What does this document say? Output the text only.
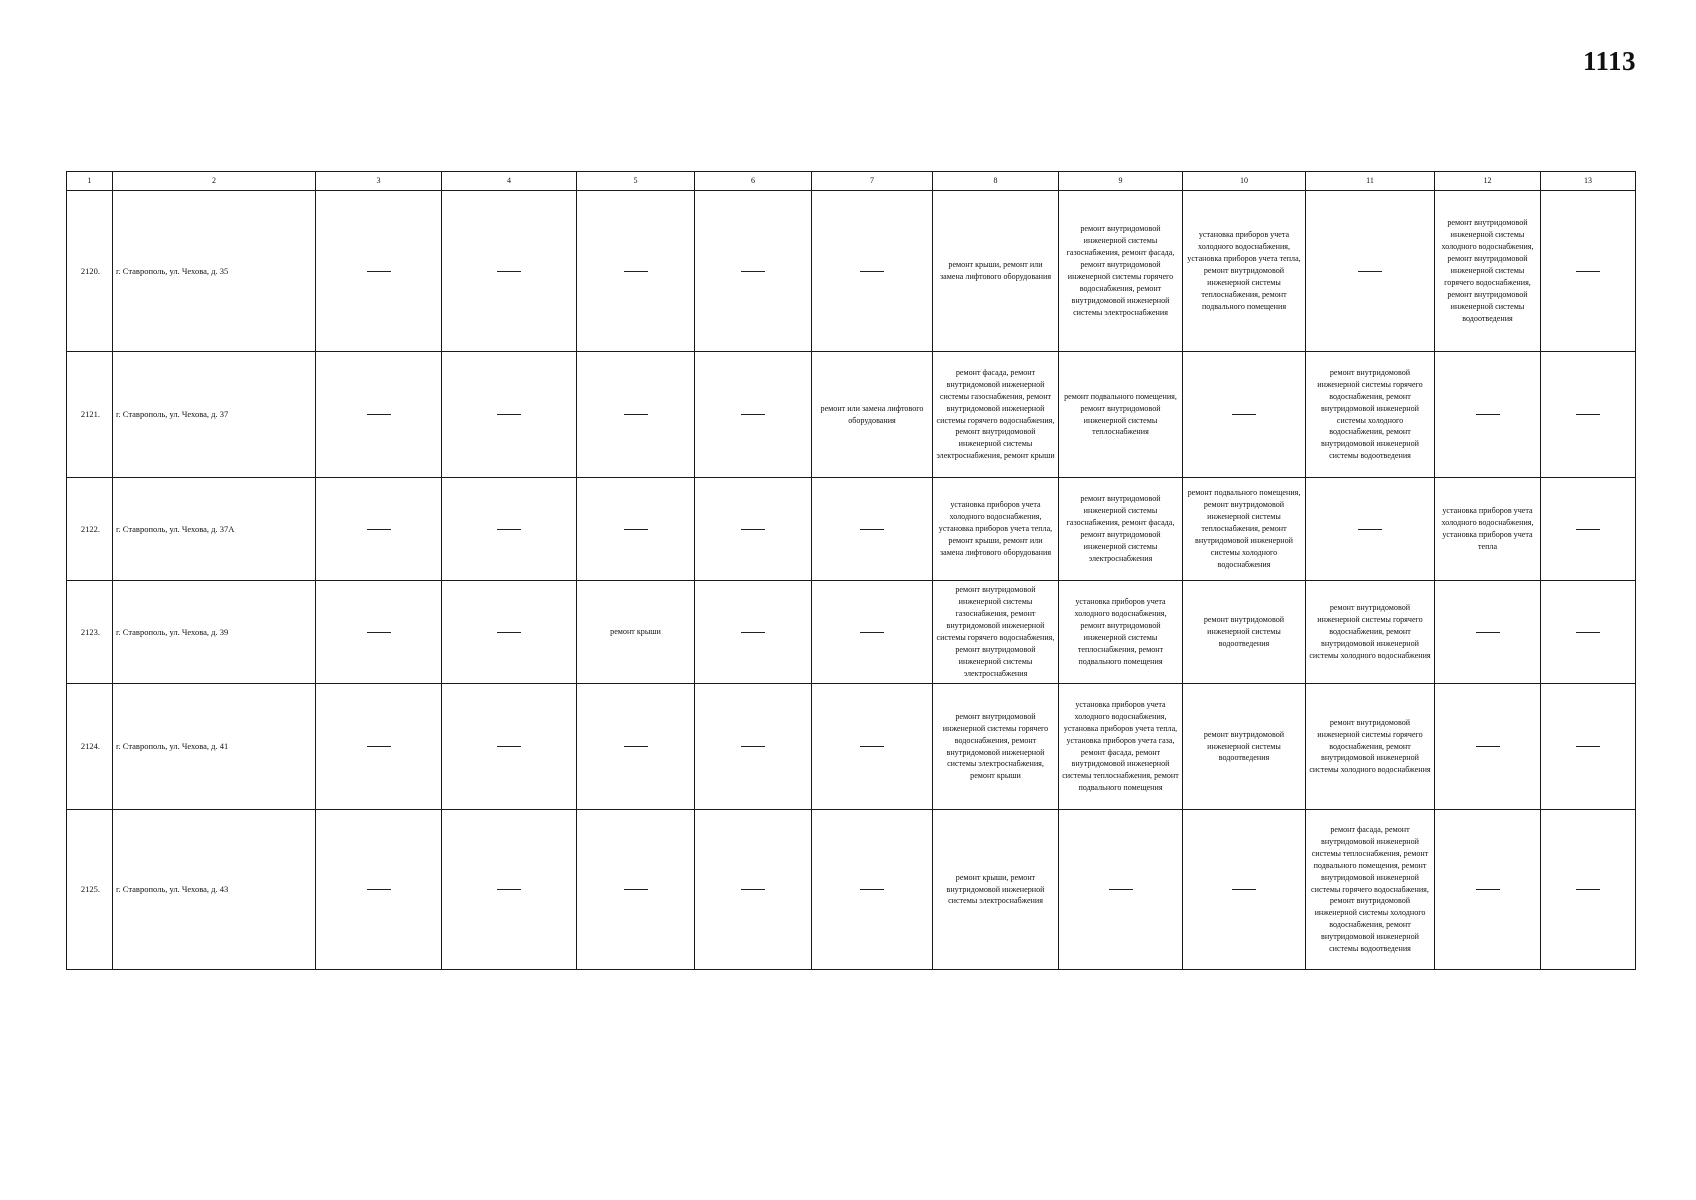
1113
1	2	3	4	5	6	7	8	9	10	11	12	13
2120.	г. Ставрополь, ул. Чехова, д. 35						ремонт крыши, ремонт или замена лифтового оборудования	ремонт внутридомовой инженерной системы газоснабжения, ремонт фасада, ремонт внутридомовой инженерной системы горячего водоснабжения, ремонт внутридомовой инженерной системы электроснабжения	установка приборов учета холодного водоснабжения, установка приборов учета тепла, ремонт внутридомовой инженерной системы теплоснабжения, ремонт подвального помещения		ремонт внутридомовой инженерной системы холодного водоснабжения, ремонт внутридомовой инженерной системы горячего водоснабжения, ремонт внутридомовой инженерной системы водоотведения	

2121.	г. Ставрополь, ул. Чехова, д. 37					ремонт или замена лифтового оборудования	ремонт фасада, ремонт внутридомовой инженерной системы газоснабжения, ремонт внутридомовой инженерной системы горячего водоснабжения, ремонт внутридомовой инженерной системы электроснабжения, ремонт крыши	ремонт подвального помещения, ремонт внутридомовой инженерной системы теплоснабжения		ремонт внутридомовой инженерной системы горячего водоснабжения, ремонт внутридомовой инженерной системы холодного водоснабжения, ремонт внутридомовой инженерной системы водоотведения		

2122.	г. Ставрополь, ул. Чехова, д. 37А						установка приборов учета холодного водоснабжения, установка приборов учета тепла, ремонт крыши, ремонт или замена лифтового оборудования	ремонт внутридомовой инженерной системы газоснабжения, ремонт фасада, ремонт внутридомовой инженерной системы электроснабжения	ремонт подвального помещения, ремонт внутридомовой инженерной системы теплоснабжения, ремонт внутридомовой инженерной системы холодного водоснабжения		установка приборов учета холодного водоснабжения, установка приборов учета тепла	

2123.	г. Ставрополь, ул. Чехова, д. 39			ремонт крыши			ремонт внутридомовой инженерной системы газоснабжения, ремонт внутридомовой инженерной системы горячего водоснабжения, ремонт внутридомовой инженерной системы электроснабжения	установка приборов учета холодного водоснабжения, ремонт внутридомовой инженерной системы теплоснабжения, ремонт подвального помещения	ремонт внутридомовой инженерной системы водоотведения	ремонт внутридомовой инженерной системы горячего водоснабжения, ремонт внутридомовой инженерной системы холодного водоснабжения		

2124.	г. Ставрополь, ул. Чехова, д. 41						ремонт внутридомовой инженерной системы горячего водоснабжения, ремонт внутридомовой инженерной системы электроснабжения, ремонт крыши	установка приборов учета холодного водоснабжения, установка приборов учета тепла, установка приборов учета газа, ремонт фасада, ремонт внутридомовой инженерной системы теплоснабжения, ремонт подвального помещения	ремонт внутридомовой инженерной системы водоотведения	ремонт внутридомовой инженерной системы горячего водоснабжения, ремонт внутридомовой инженерной системы холодного водоснабжения		

2125.	г. Ставрополь, ул. Чехова, д. 43						ремонт крыши, ремонт внутридомовой инженерной системы электроснабжения			ремонт фасада, ремонт внутридомовой инженерной системы теплоснабжения, ремонт подвального помещения, ремонт внутридомовой инженерной системы горячего водоснабжения, ремонт внутридомовой инженерной системы холодного водоснабжения, ремонт внутридомовой инженерной системы водоотведения		
